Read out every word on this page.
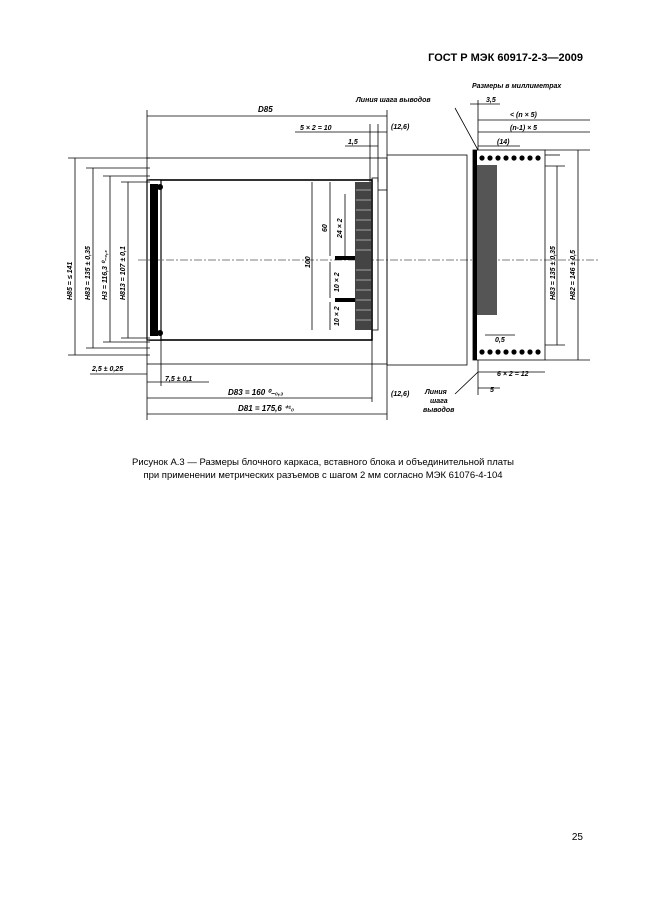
ГОСТ Р МЭК 60917-2-3—2009
Размеры в миллиметрах
Линия шага выводов
D85
5 × 2 = 10	(12,6)
1,5
3,5
< (n × 5)
(n-1) × 5
(14)
H85 = ≤ 141 H83 = 135 ± 0,35 H3 = 116,3 ⁰₋₀,₃ H813 = 107 ± 0,1
60 24 × 2
100
10 × 2
10 × 2
H83 = 135 ± 0,35 H82 = 146 ± 0,5
0,5
6 × 2 = 12
5
2,5 ± 0,25
7,5 ± 0,1
D83 = 160 ⁰₋₀,₃
D81 = 175,6 ⁺¹₀
(12,6) Линия
шага
выводов
Рисунок А.3 — Размеры блочного каркаса, вставного блока и объединительной платы
при применении метрических разъемов с шагом 2 мм согласно МЭК 61076-4-104
25
